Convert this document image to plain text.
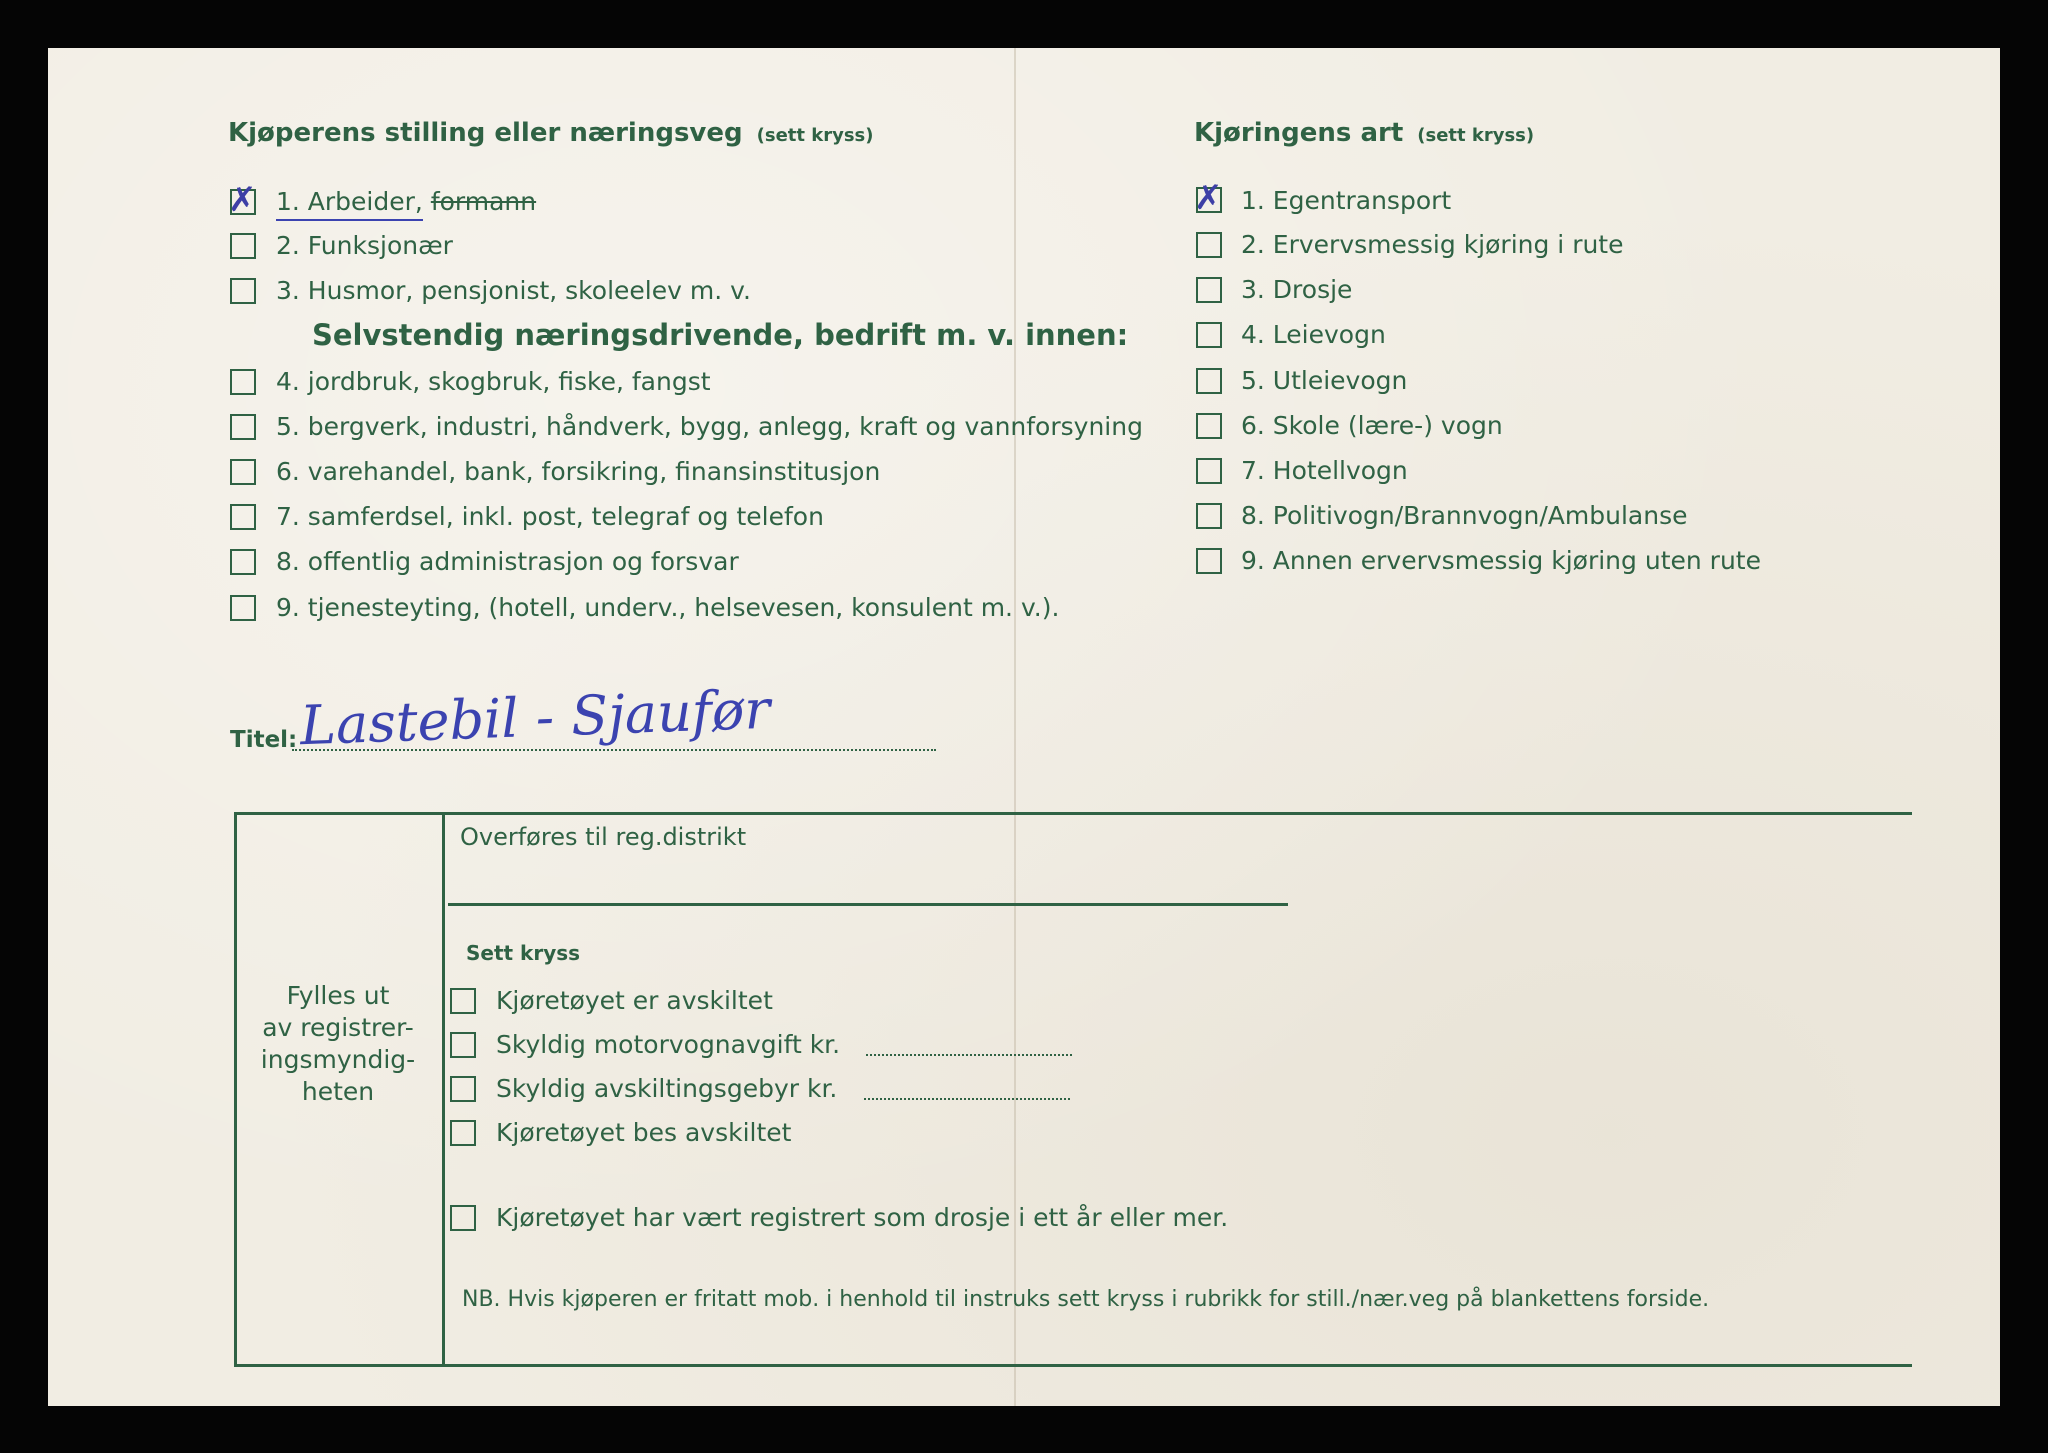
Kjøperens stilling eller næringsveg (sett kryss)
✗ 1. Arbeider, formann
2. Funksjonær
3. Husmor, pensjonist, skoleelev m. v.
Selvstendig næringsdrivende, bedrift m. v. innen:
4. jordbruk, skogbruk, fiske, fangst
5. bergverk, industri, håndverk, bygg, anlegg, kraft og vannforsyning
6. varehandel, bank, forsikring, finansinstitusjon
7. samferdsel, inkl. post, telegraf og telefon
8. offentlig administrasjon og forsvar
9. tjenesteyting, (hotell, underv., helsevesen, konsulent m. v.).
Kjøringens art (sett kryss)
✗ 1. Egentransport
2. Ervervsmessig kjøring i rute
3. Drosje
4. Leievogn
5. Utleievogn
6. Skole (lære-) vogn
7. Hotellvogn
8. Politivogn/Brannvogn/Ambulanse
9. Annen ervervsmessig kjøring uten rute
Titel: Lastebil - Sjaufør
Fylles ut
av registrer-
ingsmyndig-
heten
Overføres til reg.distrikt
Sett kryss
Kjøretøyet er avskiltet
Skyldig motorvognavgift kr.
Skyldig avskiltingsgebyr kr.
Kjøretøyet bes avskiltet
Kjøretøyet har vært registrert som drosje i ett år eller mer.
NB. Hvis kjøperen er fritatt mob. i henhold til instruks sett kryss i rubrikk for still./nær.veg på blankettens forside.
